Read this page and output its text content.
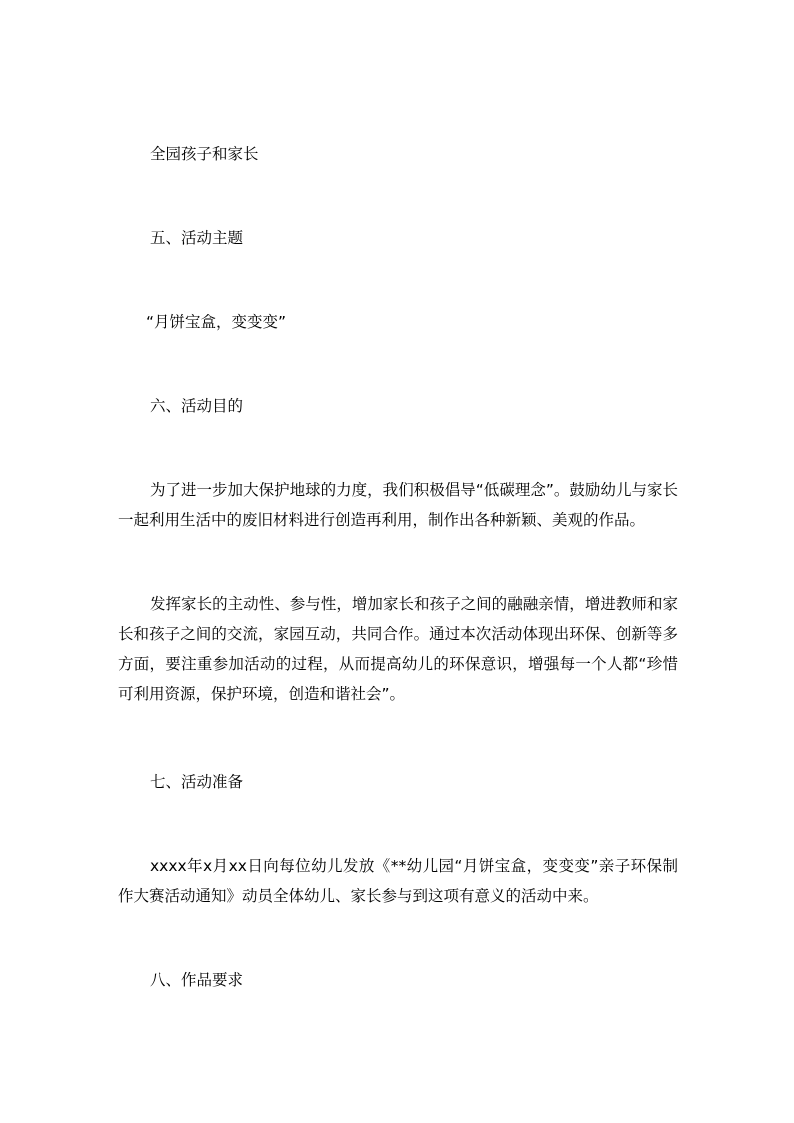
全园孩子和家长

五、活动主题

“月饼宝盒，变变变”

六、活动目的

为了进一步加大保护地球的力度，我们积极倡导“低碳理念”。鼓励幼儿与家长一起利用生活中的废旧材料进行创造再利用，制作出各种新颖、美观的作品。

发挥家长的主动性、参与性，增加家长和孩子之间的融融亲情，增进教师和家长和孩子之间的交流，家园互动，共同合作。通过本次活动体现出环保、创新等多方面，要注重参加活动的过程，从而提高幼儿的环保意识，增强每一个人都“珍惜可利用资源，保护环境，创造和谐社会”。

七、活动准备

xxxx年x月xx日向每位幼儿发放《**幼儿园“月饼宝盒，变变变”亲子环保制作大赛活动通知》动员全体幼儿、家长参与到这项有意义的活动中来。

八、作品要求
